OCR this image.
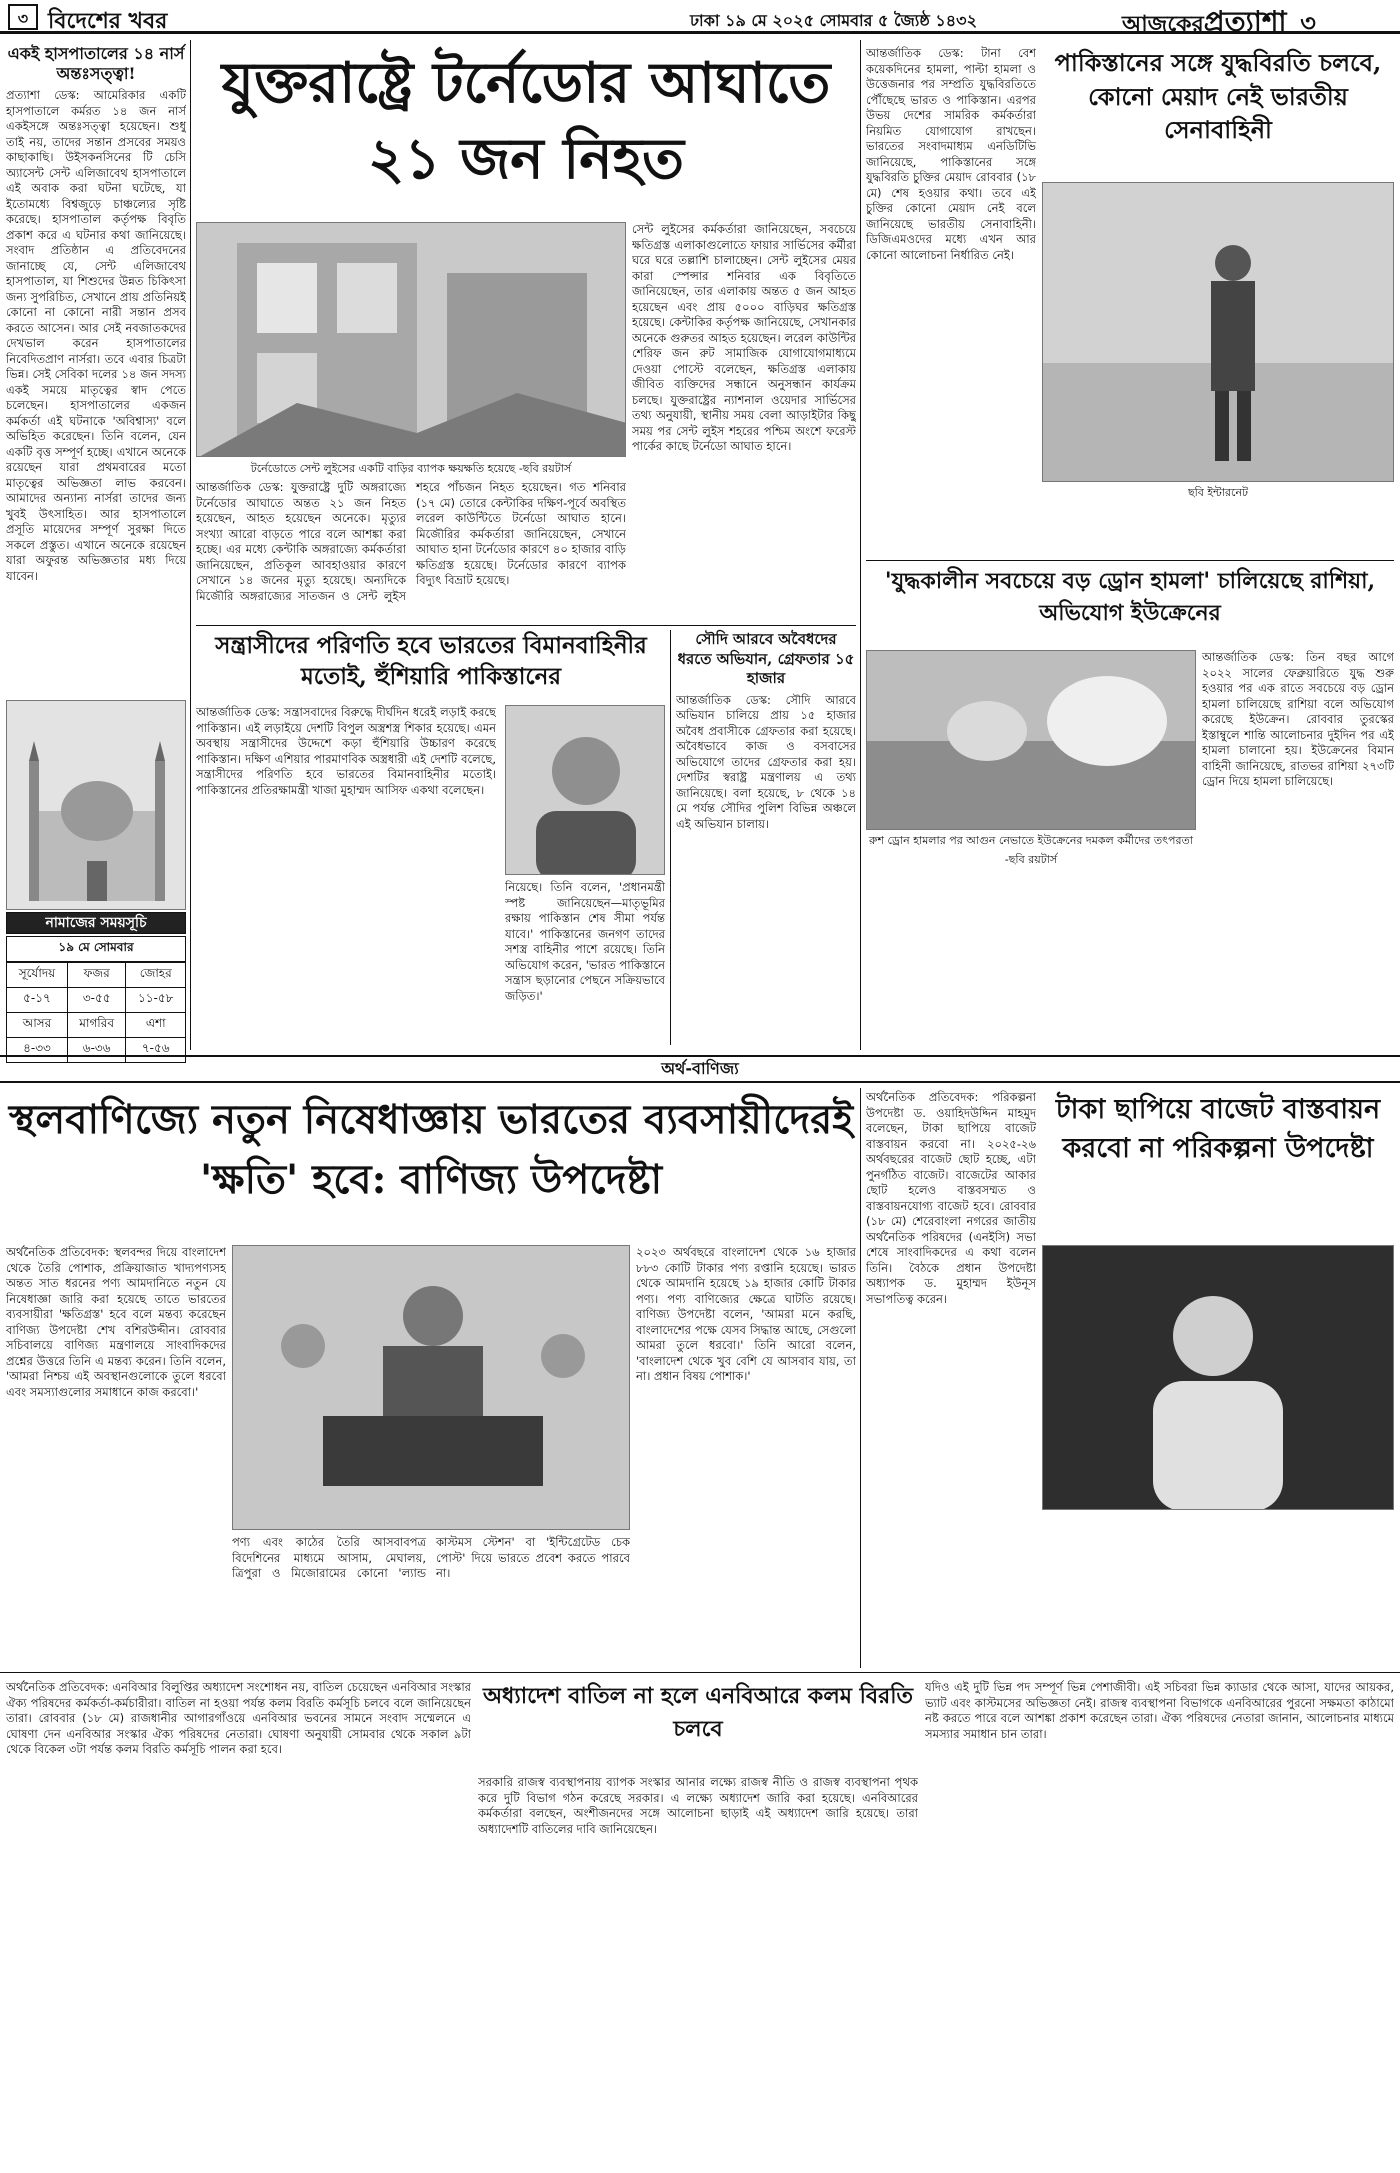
৩ বিদেশের খবর	ঢাকা ১৯ মে ২০২৫ সোমবার ৫ জ্যৈষ্ঠ ১৪৩২	আজকেরপ্রত্যাশা ৩
একই হাসপাতালের ১৪ নার্স অন্তঃসত্ত্বা!
প্রত্যাশা ডেস্ক: আমেরিকার একটি হাসপাতালে কর্মরত ১৪ জন নার্স একইসঙ্গে অন্তঃসত্ত্বা হয়েছেন। শুধু তাই নয়, তাদের সন্তান প্রসবের সময়ও কাছাকাছি। উইসকনসিনের টি চেসি অ্যাসেন্ট সেন্ট এলিজাবেথ হাসপাতালে এই অবাক করা ঘটনা ঘটেছে, যা ইতোমধ্যে বিশ্বজুড়ে চাঞ্চল্যের সৃষ্টি করেছে। হাসপাতাল কর্তৃপক্ষ বিবৃতি প্রকাশ করে এ ঘটনার কথা জানিয়েছে। সংবাদ প্রতিষ্ঠান এ প্রতিবেদনের জানাচ্ছে যে, সেন্ট এলিজাবেথ হাসপাতাল, যা শিশুদের উন্নত চিকিৎসা জন্য সুপরিচিত, সেখানে প্রায় প্রতিনিয়ই কোনো না কোনো নারী সন্তান প্রসব করতে আসেন। আর সেই নবজাতকদের দেখভাল করেন হাসপাতালের নিবেদিতপ্রাণ নার্সরা। তবে এবার চিত্রটা ভিন্ন। সেই সেবিকা দলের ১৪ জন সদস্য একই সময়ে মাতৃত্বের স্বাদ পেতে চলেছেন। হাসপাতালের একজন কর্মকর্তা এই ঘটনাকে 'অবিশ্বাস্য' বলে অভিহিত করেছেন। তিনি বলেন, যেন একটি বৃত্ত সম্পূর্ণ হচ্ছে। এখানে অনেকে রয়েছেন যারা প্রথমবারের মতো মাতৃত্বের অভিজ্ঞতা লাভ করবেন। আমাদের অন্যান্য নার্সরা তাদের জন্য খুবই উৎসাহিত। আর হাসপাতালে প্রসূতি মায়েদের সম্পূর্ণ সুরক্ষা দিতে সকলে প্রস্তুত। এখানে অনেকে রয়েছেন যারা অফুরন্ত অভিজ্ঞতার মধ্য দিয়ে যাবেন।
নামাজের সময়সূচি
১৯ মে সোমবার
সূর্যোদয়	ফজর	জোহর
৫-১৭	৩-৫৫	১১-৫৮
আসর	মাগরিব	এশা
৪-৩৩	৬-৩৬	৭-৫৬
যুক্তরাষ্ট্রে টর্নেডোর আঘাতে
২১ জন নিহত
সেন্ট লুইসের কর্মকর্তারা জানিয়েছেন, সবচেয়ে ক্ষতিগ্রস্ত এলাকাগুলোতে ফায়ার সার্ভিসের কর্মীরা ঘরে ঘরে তল্লাশি চালাচ্ছেন। সেন্ট লুইসের মেয়র কারা স্পেন্সার শনিবার এক বিবৃতিতে জানিয়েছেন, তার এলাকায় অন্তত ৫ জন আহত হয়েছেন এবং প্রায় ৫০০০ বাড়িঘর ক্ষতিগ্রস্ত হয়েছে। কেন্টাকির কর্তৃপক্ষ জানিয়েছে, সেখানকার অনেকে গুরুতর আহত হয়েছেন। লরেল কাউন্টির শেরিফ জন রুট সামাজিক যোগাযোগমাধ্যমে দেওয়া পোস্টে বলেছেন, ক্ষতিগ্রস্ত এলাকায় জীবিত ব্যক্তিদের সন্ধানে অনুসন্ধান কার্যক্রম চলছে। যুক্তরাষ্ট্রের ন্যাশনাল ওয়েদার সার্ভিসের তথ্য অনুযায়ী, স্থানীয় সময় বেলা আড়াইটার কিছু সময় পর সেন্ট লুইস শহরের পশ্চিম অংশে ফরেস্ট পার্কের কাছে টর্নেডো আঘাত হানে।
টর্নেডোতে সেন্ট লুইসের একটি বাড়ির ব্যাপক ক্ষয়ক্ষতি হয়েছে -ছবি রয়টার্স
আন্তর্জাতিক ডেস্ক: যুক্তরাষ্ট্রে দুটি অঙ্গরাজ্যে টর্নেডোর আঘাতে অন্তত ২১ জন নিহত হয়েছেন, আহত হয়েছেন অনেকে। মৃত্যুর সংখ্যা আরো বাড়তে পারে বলে আশঙ্কা করা হচ্ছে। এর মধ্যে কেন্টাকি অঙ্গরাজ্যে কর্মকর্তারা জানিয়েছেন, প্রতিকূল আবহাওয়ার কারণে সেখানে ১৪ জনের মৃত্যু হয়েছে। অন্যদিকে মিজৌরি অঙ্গরাজ্যের সাতজন ও সেন্ট লুইস শহরে পাঁচজন নিহত হয়েছেন। গত শনিবার (১৭ মে) তোরে কেন্টাকির দক্ষিণ-পূর্বে অবস্থিত লরেল কাউন্টিতে টর্নেডো আঘাত হানে। মিজৌরির কর্মকর্তারা জানিয়েছেন, সেখানে আঘাত হানা টর্নেডোর কারণে ৪০ হাজার বাড়ি ক্ষতিগ্রস্ত হয়েছে। টর্নেডোর কারণে ব্যাপক বিদ্যুৎ বিভ্রাট হয়েছে।
সন্ত্রাসীদের পরিণতি হবে ভারতের বিমানবাহিনীর মতোই, হুঁশিয়ারি পাকিস্তানের
আন্তর্জাতিক ডেস্ক: সন্ত্রাসবাদের বিরুদ্ধে দীর্ঘদিন ধরেই লড়াই করছে পাকিস্তান। এই লড়াইয়ে দেশটি বিপুল অস্ত্রশস্ত্র শিকার হয়েছে। এমন অবস্থায় সন্ত্রাসীদের উদ্দেশে কড়া হুঁশিয়ারি উচ্চারণ করেছে পাকিস্তান। দক্ষিণ এশিয়ার পারমাণবিক অস্ত্রধারী এই দেশটি বলেছে, সন্ত্রাসীদের পরিণতি হবে ভারতের বিমানবাহিনীর মতোই। পাকিস্তানের প্রতিরক্ষামন্ত্রী খাজা মুহাম্মদ আসিফ একথা বলেছেন।
নিয়েছে। তিনি বলেন, 'প্রধানমন্ত্রী স্পষ্ট জানিয়েছেন—মাতৃভূমির রক্ষায় পাকিস্তান শেষ সীমা পর্যন্ত যাবে।' পাকিস্তানের জনগণ তাদের সশস্ত্র বাহিনীর পাশে রয়েছে। তিনি অভিযোগ করেন, 'ভারত পাকিস্তানে সন্ত্রাস ছড়ানোর পেছনে সক্রিয়ভাবে জড়িত।'
সৌদি আরবে অবৈধদের ধরতে অভিযান, গ্রেফতার ১৫ হাজার
আন্তর্জাতিক ডেস্ক: সৌদি আরবে অভিযান চালিয়ে প্রায় ১৫ হাজার অবৈধ প্রবাসীকে গ্রেফতার করা হয়েছে। অবৈধভাবে কাজ ও বসবাসের অভিযোগে তাদের গ্রেফতার করা হয়। দেশটির স্বরাষ্ট্র মন্ত্রণালয় এ তথ্য জানিয়েছে। বলা হয়েছে, ৮ থেকে ১৪ মে পর্যন্ত সৌদির পুলিশ বিভিন্ন অঞ্চলে এই অভিযান চালায়।
আন্তর্জাতিক ডেস্ক: টানা বেশ কয়েকদিনের হামলা, পাল্টা হামলা ও উত্তেজনার পর সম্প্রতি যুদ্ধবিরতিতে পৌঁছেছে ভারত ও পাকিস্তান। এরপর উভয় দেশের সামরিক কর্মকর্তারা নিয়মিত যোগাযোগ রাখছেন। ভারতের সংবাদমাধ্যম এনডিটিভি জানিয়েছে, পাকিস্তানের সঙ্গে যুদ্ধবিরতি চুক্তির মেয়াদ রোববার (১৮ মে) শেষ হওয়ার কথা। তবে এই চুক্তির কোনো মেয়াদ নেই বলে জানিয়েছে ভারতীয় সেনাবাহিনী। ডিজিএমওদের মধ্যে এখন আর কোনো আলোচনা নির্ধারিত নেই।
পাকিস্তানের সঙ্গে যুদ্ধবিরতি চলবে, কোনো মেয়াদ নেই ভারতীয় সেনাবাহিনী
ছবি ইন্টারনেট
'যুদ্ধকালীন সবচেয়ে বড় ড্রোন হামলা' চালিয়েছে রাশিয়া, অভিযোগ ইউক্রেনের
রুশ ড্রোন হামলার পর আগুন নেভাতে ইউক্রেনের দমকল কর্মীদের তৎপরতা -ছবি রয়টার্স
আন্তর্জাতিক ডেস্ক: তিন বছর আগে ২০২২ সালের ফেব্রুয়ারিতে যুদ্ধ শুরু হওয়ার পর এক রাতে সবচেয়ে বড় ড্রোন হামলা চালিয়েছে রাশিয়া বলে অভিযোগ করেছে ইউক্রেন। রোববার তুরস্কের ইস্তাম্বুলে শান্তি আলোচনার দুইদিন পর এই হামলা চালানো হয়। ইউক্রেনের বিমান বাহিনী জানিয়েছে, রাতভর রাশিয়া ২৭৩টি ড্রোন দিয়ে হামলা চালিয়েছে।
অর্থ-বাণিজ্য
স্থলবাণিজ্যে নতুন নিষেধাজ্ঞায় ভারতের ব্যবসায়ীদেরই
'ক্ষতি' হবে: বাণিজ্য উপদেষ্টা
অর্থনৈতিক প্রতিবেদক: স্থলবন্দর দিয়ে বাংলাদেশ থেকে তৈরি পোশাক, প্রক্রিয়াজাত খাদ্যপণ্যসহ অন্তত সাত ধরনের পণ্য আমদানিতে নতুন যে নিষেধাজ্ঞা জারি করা হয়েছে তাতে ভারতের ব্যবসায়ীরা 'ক্ষতিগ্রস্ত' হবে বলে মন্তব্য করেছেন বাণিজ্য উপদেষ্টা শেখ বশিরউদ্দীন। রোববার সচিবালয়ে বাণিজ্য মন্ত্রণালয়ে সাংবাদিকদের প্রশ্নের উত্তরে তিনি এ মন্তব্য করেন। তিনি বলেন, 'আমরা নিশ্চয় এই অবস্থানগুলোকে তুলে ধরবো এবং সমস্যাগুলোর সমাধানে কাজ করবো।'
পণ্য এবং কাঠের তৈরি আসবাবপত্র বিদেশিনের মাধ্যমে আসাম, মেঘালয়, ত্রিপুরা ও মিজোরামের কোনো 'ল্যান্ড কাস্টমস স্টেশন' বা 'ইন্টিগ্রেটেড চেক পোস্ট' দিয়ে ভারতে প্রবেশ করতে পারবে না।
২০২৩ অর্থবছরে বাংলাদেশ থেকে ১৬ হাজার ৮৮৩ কোটি টাকার পণ্য রপ্তানি হয়েছে। ভারত থেকে আমদানি হয়েছে ১৯ হাজার কোটি টাকার পণ্য। পণ্য বাণিজ্যের ক্ষেত্রে ঘাটতি রয়েছে। বাণিজ্য উপদেষ্টা বলেন, 'আমরা মনে করছি, বাংলাদেশের পক্ষে যেসব সিদ্ধান্ত আছে, সেগুলো আমরা তুলে ধরবো।' তিনি আরো বলেন, 'বাংলাদেশ থেকে খুব বেশি যে আসবাব যায়, তা না। প্রধান বিষয় পোশাক।'
অর্থনৈতিক প্রতিবেদক: পরিকল্পনা উপদেষ্টা ড. ওয়াহিদউদ্দিন মাহমুদ বলেছেন, টাকা ছাপিয়ে বাজেট বাস্তবায়ন করবো না। ২০২৫-২৬ অর্থবছরের বাজেট ছোট হচ্ছে, এটা পুনর্গঠিত বাজেট। বাজেটের আকার ছোট হলেও বাস্তবসম্মত ও বাস্তবায়নযোগ্য বাজেট হবে। রোববার (১৮ মে) শেরেবাংলা নগরের জাতীয় অর্থনৈতিক পরিষদের (এনইসি) সভা শেষে সাংবাদিকদের এ কথা বলেন তিনি। বৈঠকে প্রধান উপদেষ্টা অধ্যাপক ড. মুহাম্মদ ইউনূস সভাপতিত্ব করেন।
টাকা ছাপিয়ে বাজেট বাস্তবায়ন করবো না পরিকল্পনা উপদেষ্টা
অর্থনৈতিক প্রতিবেদক: এনবিআর বিলুপ্তির অধ্যাদেশ সংশোধন নয়, বাতিল চেয়েছেন এনবিআর সংস্কার ঐক্য পরিষদের কর্মকর্তা-কর্মচারীরা। বাতিল না হওয়া পর্যন্ত কলম বিরতি কর্মসূচি চলবে বলে জানিয়েছেন তারা। রোববার (১৮ মে) রাজধানীর আগারগাঁওয়ে এনবিআর ভবনের সামনে সংবাদ সম্মেলনে এ ঘোষণা দেন এনবিআর সংস্কার ঐক্য পরিষদের নেতারা। ঘোষণা অনুযায়ী সোমবার থেকে সকাল ৯টা থেকে বিকেল ৩টা পর্যন্ত কলম বিরতি কর্মসূচি পালন করা হবে।
অধ্যাদেশ বাতিল না হলে এনবিআরে কলম বিরতি চলবে
সরকারি রাজস্ব ব্যবস্থাপনায় ব্যাপক সংস্কার আনার লক্ষ্যে রাজস্ব নীতি ও রাজস্ব ব্যবস্থাপনা পৃথক করে দুটি বিভাগ গঠন করেছে সরকার। এ লক্ষ্যে অধ্যাদেশ জারি করা হয়েছে। এনবিআরের কর্মকর্তারা বলছেন, অংশীজনদের সঙ্গে আলোচনা ছাড়াই এই অধ্যাদেশ জারি হয়েছে। তারা অধ্যাদেশটি বাতিলের দাবি জানিয়েছেন।
যদিও এই দুটি ভিন্ন পদ সম্পূর্ণ ভিন্ন পেশাজীবী। এই সচিবরা ভিন্ন ক্যাডার থেকে আসা, যাদের আয়কর, ভ্যাট এবং কাস্টমসের অভিজ্ঞতা নেই। রাজস্ব ব্যবস্থাপনা বিভাগকে এনবিআরের পুরনো সক্ষমতা কাঠামো নষ্ট করতে পারে বলে আশঙ্কা প্রকাশ করেছেন তারা। ঐক্য পরিষদের নেতারা জানান, আলোচনার মাধ্যমে সমস্যার সমাধান চান তারা।
